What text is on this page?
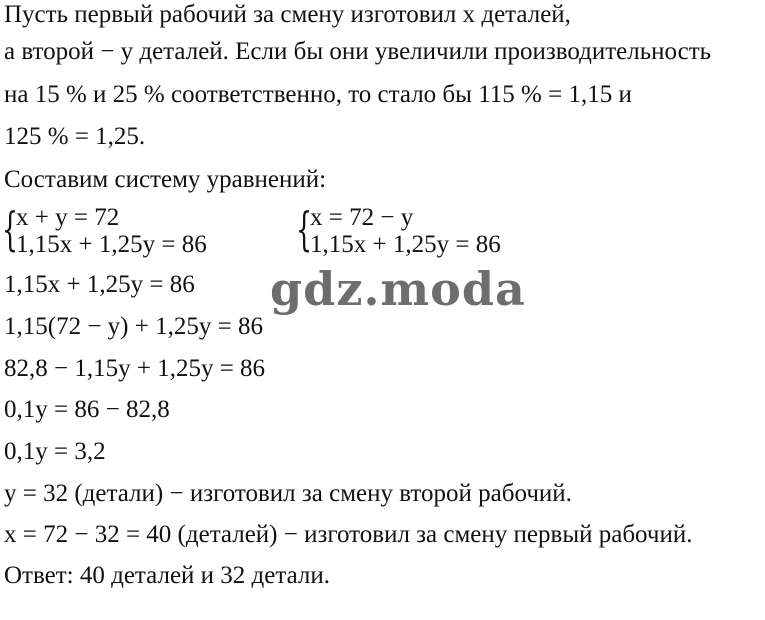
Пусть первый рабочий за смену изготовил x деталей,
а второй − y деталей. Если бы они увеличили производительность
на 15 % и 25 % соответственно, то стало бы 115 % = 1,15 и
125 % = 1,25.
Составим систему уравнений:
{
x + y = 72
1,15x + 1,25y = 86 {
x = 72 − y
1,15x + 1,25y = 86
1,15x + 1,25y = 86
1,15(72 − y) + 1,25y = 86
82,8 − 1,15y + 1,25y = 86
0,1y = 86 − 82,8
0,1y = 3,2
y = 32 (детали) − изготовил за смену второй рабочий.
x = 72 − 32 = 40 (деталей) − изготовил за смену первый рабочий.
Ответ: 40 деталей и 32 детали.
gdz.moda
